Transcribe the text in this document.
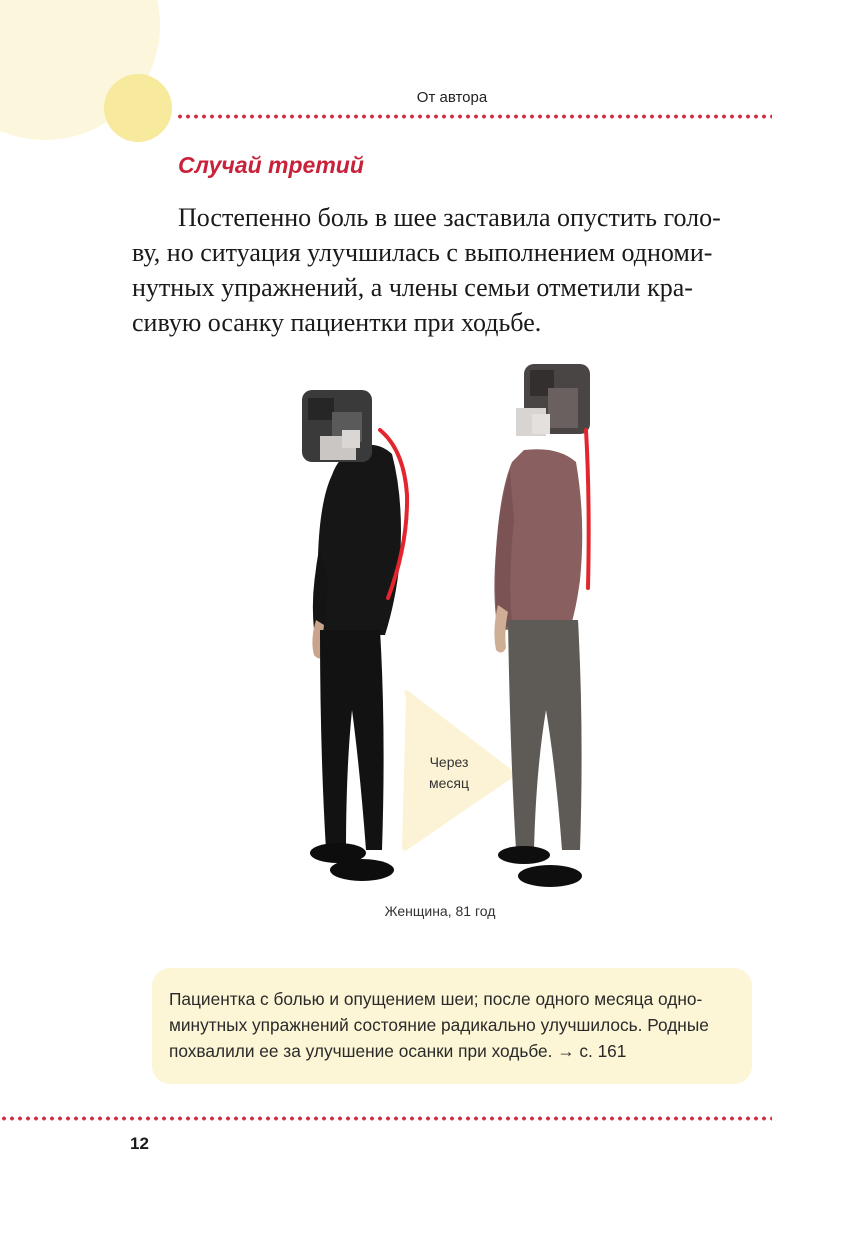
От автора
Случай третий

Постепенно боль в шее заставила опустить голо-
ву, но ситуация улучшилась с выполнением одноми-
нутных упражнений, а члены семьи отметили кра-
сивую осанку пациентки при ходьбе.

Через
месяц
Женщина, 81 год
Пациентка с болью и опущением шеи; после одного месяца одно-
минутных упражнений состояние радикально улучшилось. Родные
похвалили ее за улучшение осанки при ходьбе. → с. 161
12
